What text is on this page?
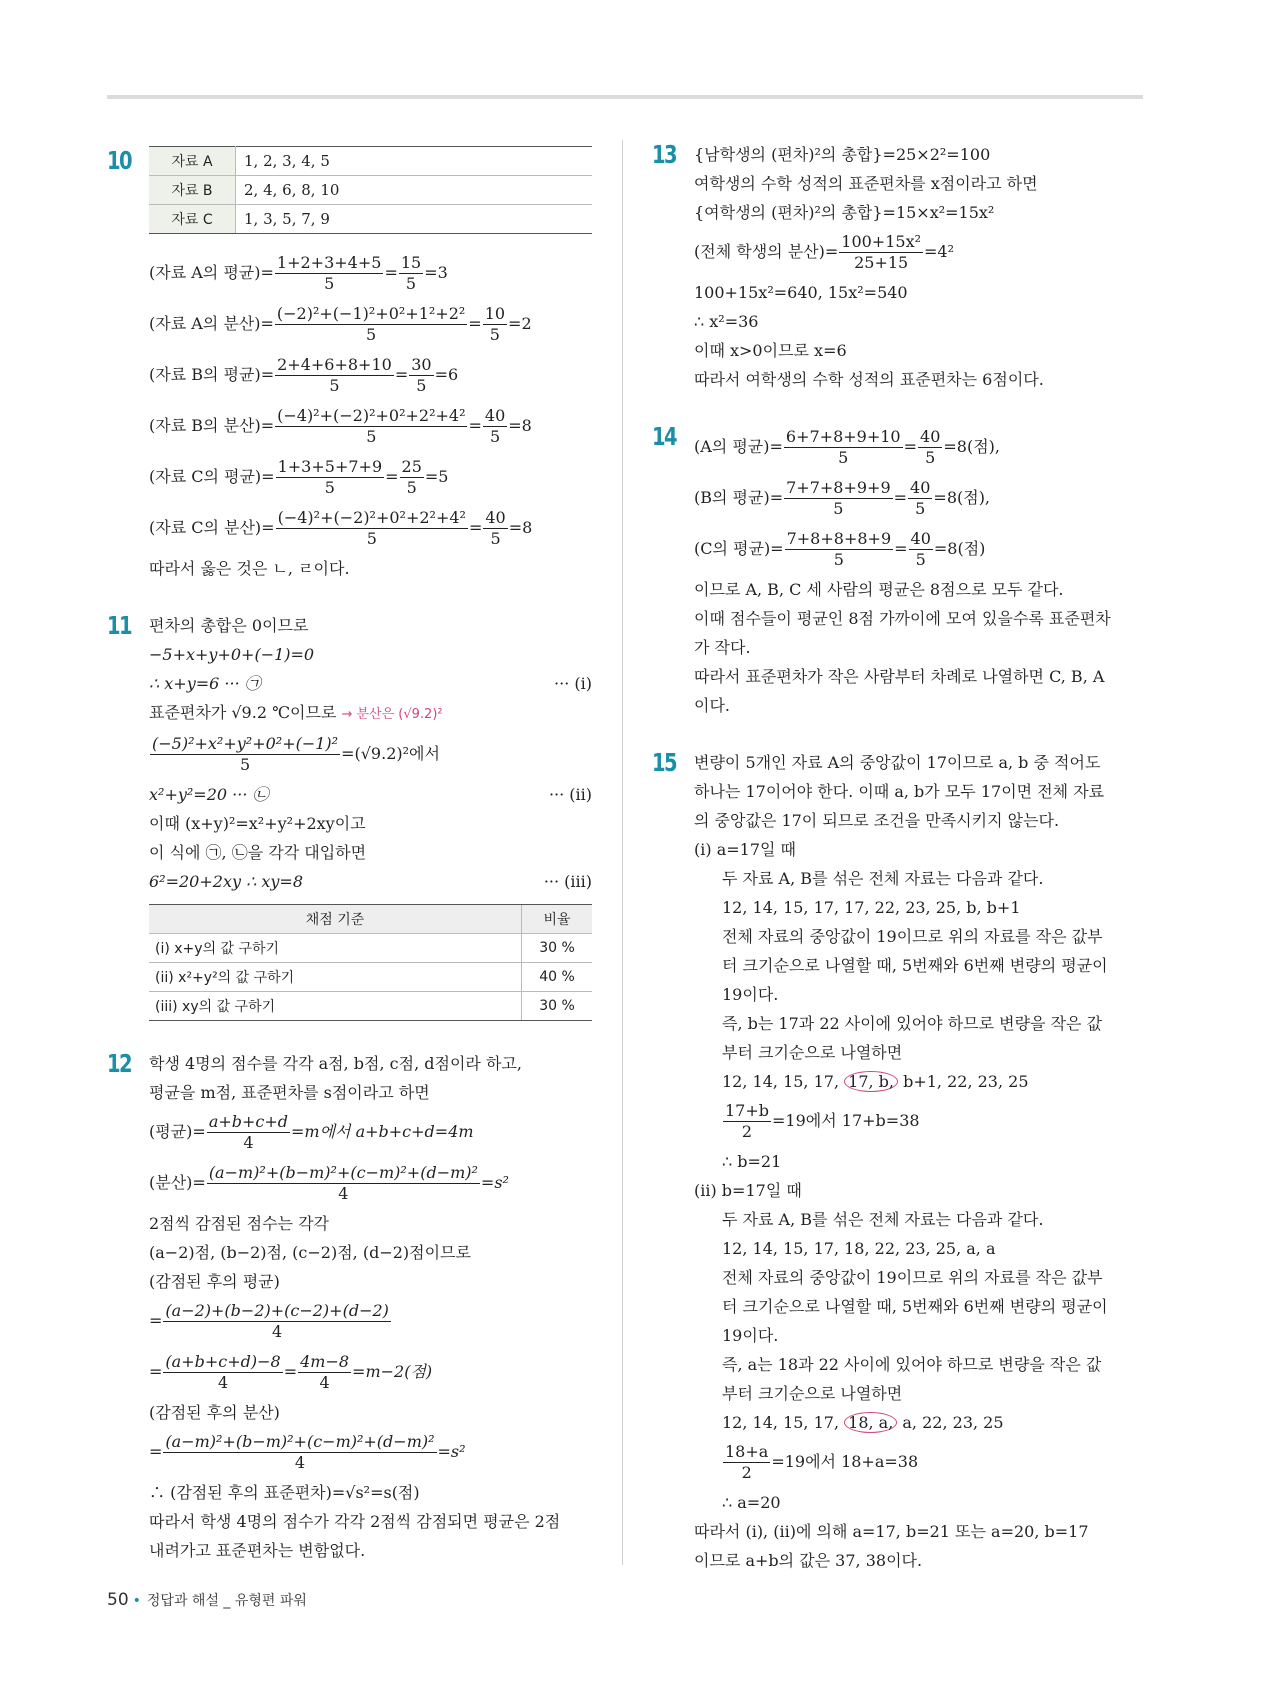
10	자료 A	1, 2, 3, 4, 5
자료 B	2, 4, 6, 8, 10
자료 C	1, 3, 5, 7, 9
(자료 A의 평균)= $\frac{1+2+3+4+5}{5} = \frac{15}{5} =3$
(자료 A의 분산)= $\frac{\text{(−2)²+(−1)²+0²+1²+2²}}{5} = \frac{10}{5} =2$
(자료 B의 평균)= $\frac{2+4+6+8+10}{5} = \frac{30}{5} =6$
(자료 B의 분산)= $\frac{\text{(−4)²+(−2)²+0²+2²+4²}}{5} = \frac{40}{5} =8$
(자료 C의 평균)= $\frac{1+3+5+7+9}{5} = \frac{25}{5} =5$
(자료 C의 분산)= $\frac{\text{(−4)²+(−2)²+0²+2²+4²}}{5} = \frac{40}{5} =8$
따라서 옳은 것은 ㄴ, ㄹ이다.
11 편차의 총합은 0이므로
−5+x+y+0+(−1)=0
∴ x+y=6 ··· ㉠	··· (i)
표준편차가 √9.2 ℃이므로 → 분산은 (√9.2)²
$\frac{\text{(−5)²+x²+y²+0²+(−1)²}}{5} =(√9.2)^2$에서
x²+y²=20 ··· ㉡	··· (ii)
이때 (x+y)²=x²+y²+2xy이고
이 식에 ㉠, ㉡을 각각 대입하면
6²=20+2xy ∴ xy=8	··· (iii)
채점 기준	비율
(i) x+y의 값 구하기	30 %
(ii) x²+y²의 값 구하기	40 %
(iii) xy의 값 구하기	30 %
12 학생 4명의 점수를 각각 a점, b점, c점, d점이라 하고,
평균을 m점, 표준편차를 s점이라고 하면
(평균)= $\frac{a+b+c+d}{4} =m$에서 a+b+c+d=4m
(분산)= $\frac{\text{(a−m)²+(b−m)²+(c−m)²+(d−m)²}}{4} =s^2$
2점씩 감점된 점수는 각각
(a−2)점, (b−2)점, (c−2)점, (d−2)점이므로
(감점된 후의 평균)
= $\frac{(a-2)+(b-2)+(c-2)+(d-2)}{4}$
= $\frac{(a+b+c+d)-8}{4} = \frac{4m-8}{4} =m-2$(점)
(감점된 후의 분산)
= $\frac{\text{(a−m)²+(b−m)²+(c−m)²+(d−m)²}}{4} =s^2$
∴ (감점된 후의 표준편차)=√s²=s(점)
따라서 학생 4명의 점수가 각각 2점씩 감점되면 평균은 2점
내려가고 표준편차는 변함없다.
13 {남학생의 (편차)²의 총합}=25×2²=100
여학생의 수학 성적의 표준편차를 x점이라고 하면
{여학생의 (편차)²의 총합}=15×x²=15x²
(전체 학생의 분산)= $\frac{\text{100+15x²}}{25+15} =4^2$
100+15x²=640, 15x²=540
∴ x²=36
이때 x>0이므로 x=6
따라서 여학생의 수학 성적의 표준편차는 6점이다.
14 (A의 평균)= $\frac{6+7+8+9+10}{5} = \frac{40}{5} =8$(점),
(B의 평균)= $\frac{7+7+8+9+9}{5} = \frac{40}{5} =8$(점),
(C의 평균)= $\frac{7+8+8+8+9}{5} = \frac{40}{5} =8$(점)
이므로 A, B, C 세 사람의 평균은 8점으로 모두 같다.
이때 점수들이 평균인 8점 가까이에 모여 있을수록 표준편차
가 작다.
따라서 표준편차가 작은 사람부터 차례로 나열하면 C, B, A
이다.
15 변량이 5개인 자료 A의 중앙값이 17이므로 a, b 중 적어도
하나는 17이어야 한다. 이때 a, b가 모두 17이면 전체 자료
의 중앙값은 17이 되므로 조건을 만족시키지 않는다.
(i) a=17일 때
두 자료 A, B를 섞은 전체 자료는 다음과 같다.
12, 14, 15, 17, 17, 22, 23, 25, b, b+1
전체 자료의 중앙값이 19이므로 위의 자료를 작은 값부
터 크기순으로 나열할 때, 5번째와 6번째 변량의 평균이
19이다.
즉, b는 17과 22 사이에 있어야 하므로 변량을 작은 값
부터 크기순으로 나열하면
12, 14, 15, 17, 17, b, b+1, 22, 23, 25
$\frac{17+b}{2} =19$에서 17+b=38
∴ b=21
(ii) b=17일 때
두 자료 A, B를 섞은 전체 자료는 다음과 같다.
12, 14, 15, 17, 18, 22, 23, 25, a, a
전체 자료의 중앙값이 19이므로 위의 자료를 작은 값부
터 크기순으로 나열할 때, 5번째와 6번째 변량의 평균이
19이다.
즉, a는 18과 22 사이에 있어야 하므로 변량을 작은 값
부터 크기순으로 나열하면
12, 14, 15, 17, 18, a, a, 22, 23, 25
$\frac{18+a}{2} =19$에서 18+a=38
∴ a=20
따라서 (i), (ii)에 의해 a=17, b=21 또는 a=20, b=17
이므로 a+b의 값은 37, 38이다.
50 • 정답과 해설 _ 유형편 파워
